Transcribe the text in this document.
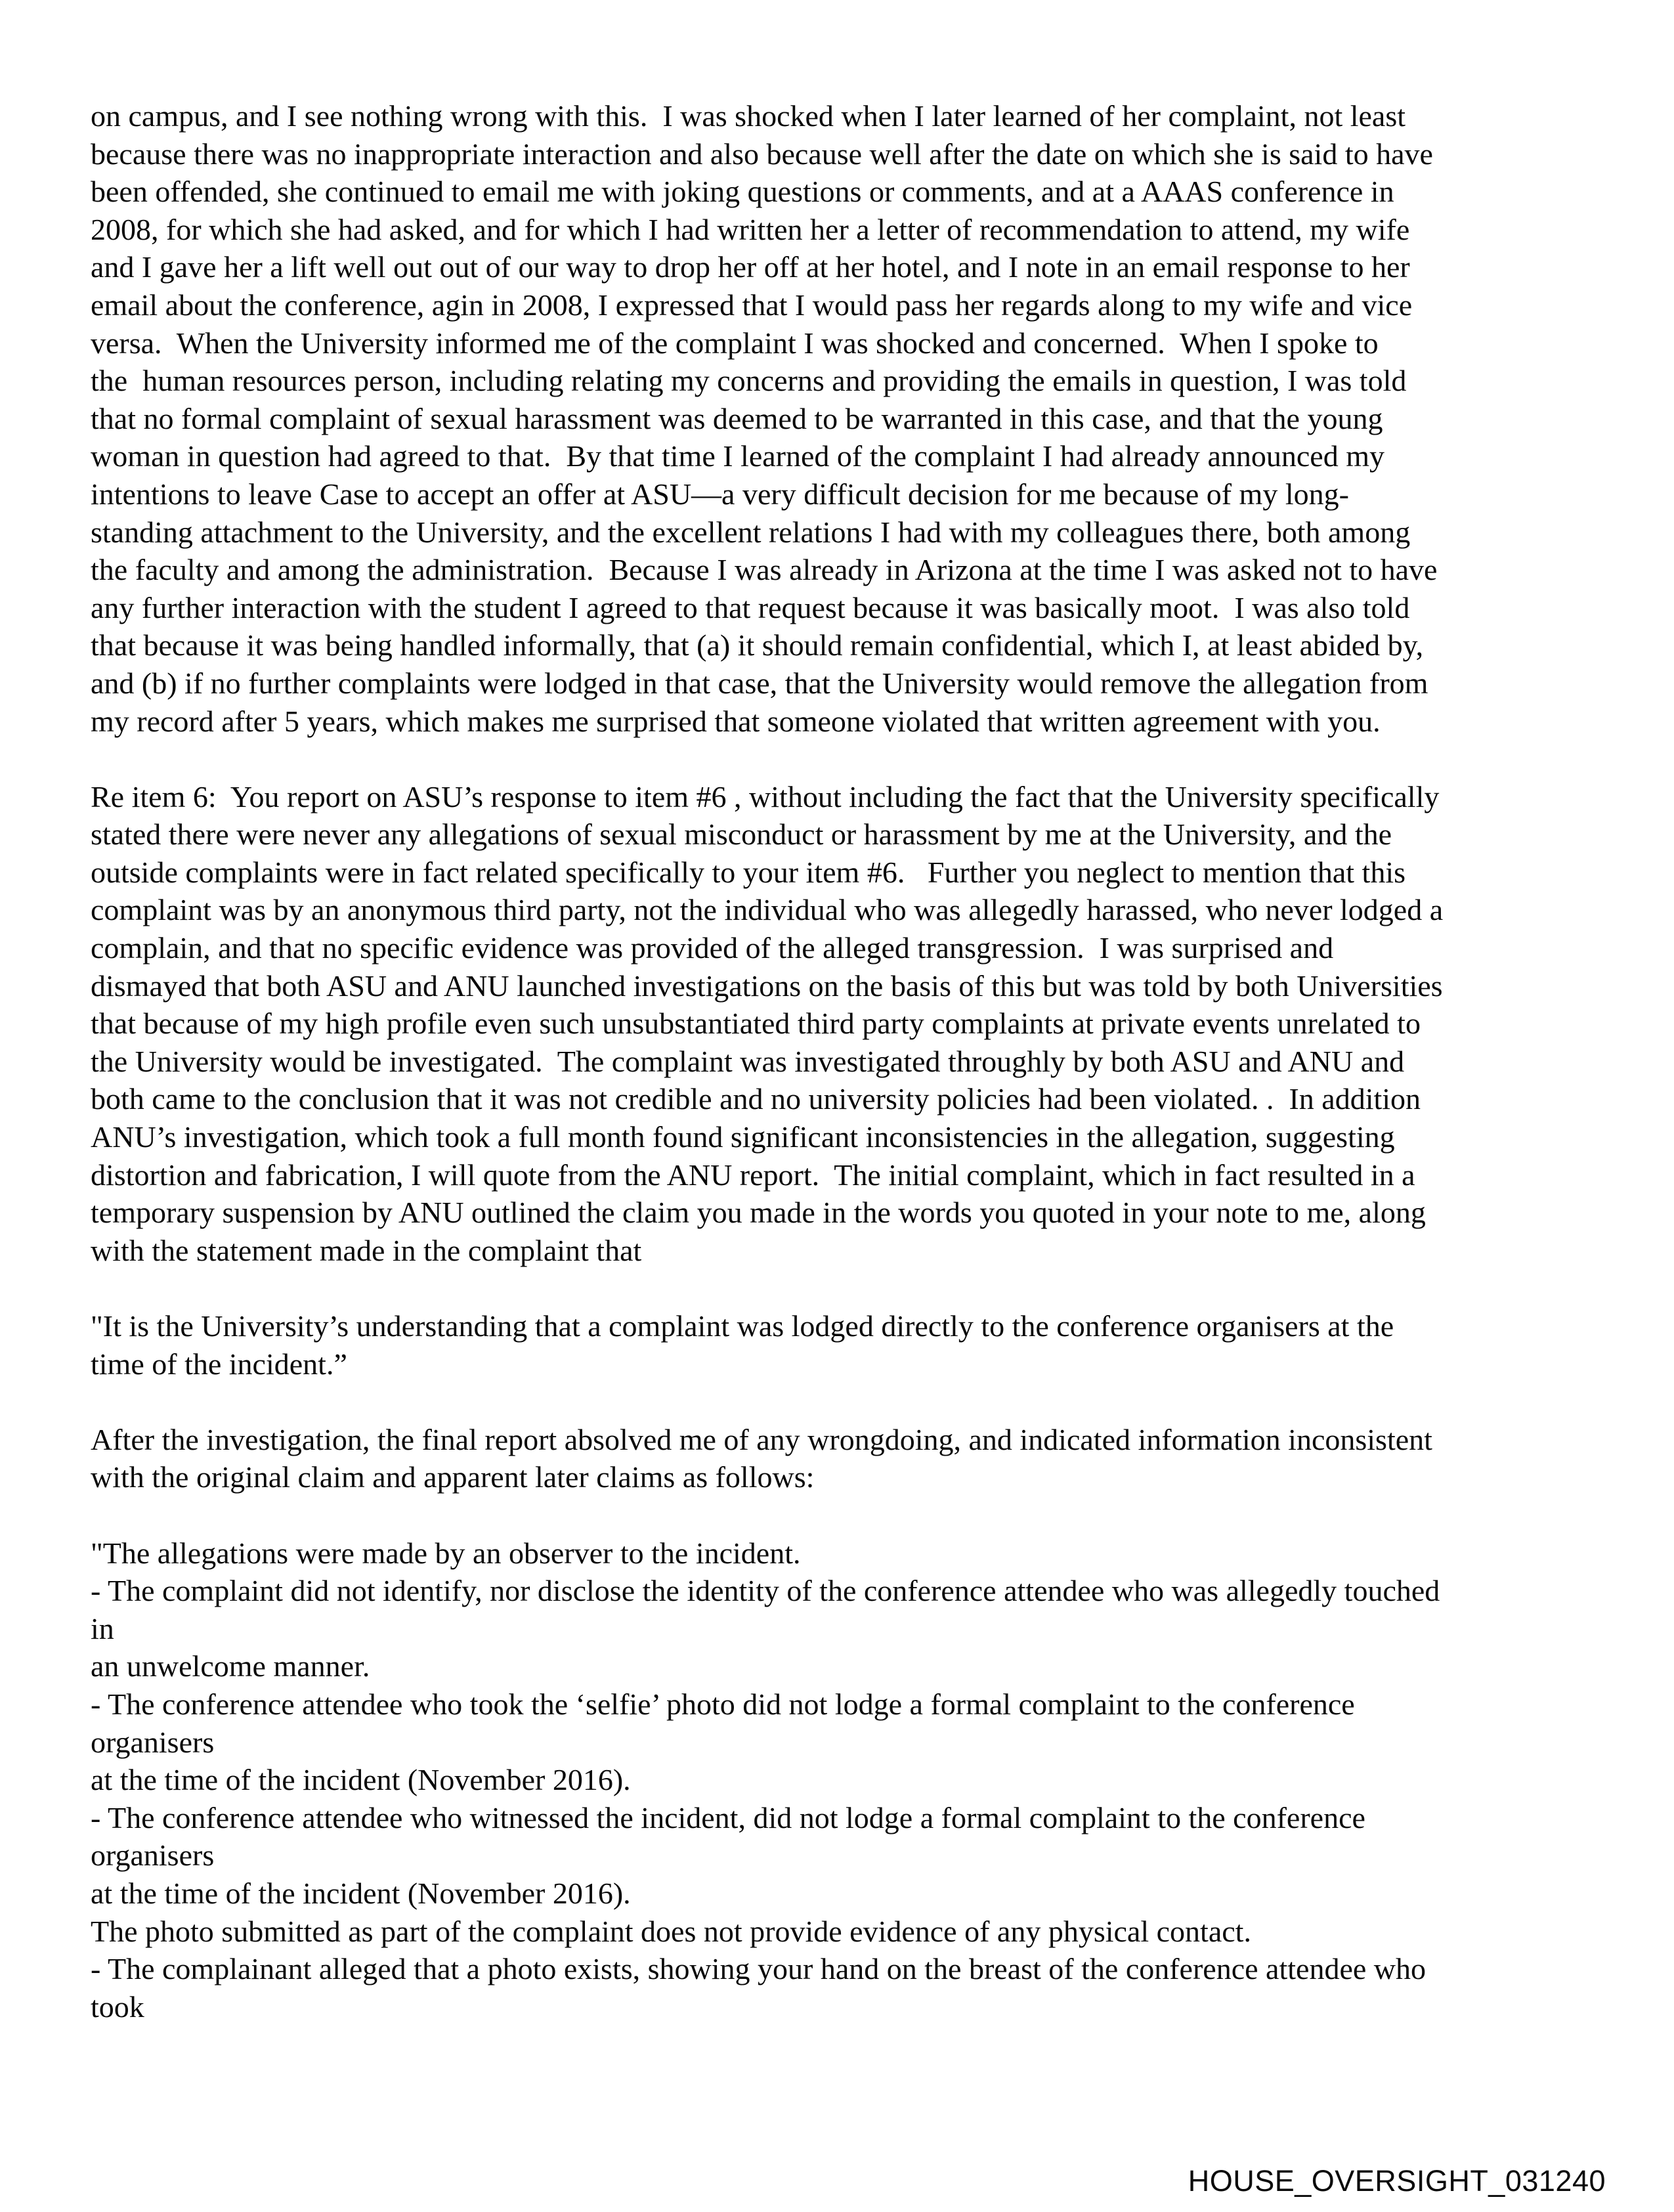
on campus, and I see nothing wrong with this.  I was shocked when I later learned of her complaint, not least
because there was no inappropriate interaction and also because well after the date on which she is said to have
been offended, she continued to email me with joking questions or comments, and at a AAAS conference in
2008, for which she had asked, and for which I had written her a letter of recommendation to attend, my wife
and I gave her a lift well out out of our way to drop her off at her hotel, and I note in an email response to her
email about the conference, agin in 2008, I expressed that I would pass her regards along to my wife and vice
versa.  When the University informed me of the complaint I was shocked and concerned.  When I spoke to
the  human resources person, including relating my concerns and providing the emails in question, I was told
that no formal complaint of sexual harassment was deemed to be warranted in this case, and that the young
woman in question had agreed to that.  By that time I learned of the complaint I had already announced my
intentions to leave Case to accept an offer at ASU—a very difficult decision for me because of my long-
standing attachment to the University, and the excellent relations I had with my colleagues there, both among
the faculty and among the administration.  Because I was already in Arizona at the time I was asked not to have
any further interaction with the student I agreed to that request because it was basically moot.  I was also told
that because it was being handled informally, that (a) it should remain confidential, which I, at least abided by,
and (b) if no further complaints were lodged in that case, that the University would remove the allegation from
my record after 5 years, which makes me surprised that someone violated that written agreement with you.
Re item 6:  You report on ASU’s response to item #6 , without including the fact that the University specifically
stated there were never any allegations of sexual misconduct or harassment by me at the University, and the
outside complaints were in fact related specifically to your item #6.   Further you neglect to mention that this
complaint was by an anonymous third party, not the individual who was allegedly harassed, who never lodged a
complain, and that no specific evidence was provided of the alleged transgression.  I was surprised and
dismayed that both ASU and ANU launched investigations on the basis of this but was told by both Universities
that because of my high profile even such unsubstantiated third party complaints at private events unrelated to
the University would be investigated.  The complaint was investigated throughly by both ASU and ANU and
both came to the conclusion that it was not credible and no university policies had been violated. .  In addition
ANU’s investigation, which took a full month found significant inconsistencies in the allegation, suggesting
distortion and fabrication, I will quote from the ANU report.  The initial complaint, which in fact resulted in a
temporary suspension by ANU outlined the claim you made in the words you quoted in your note to me, along
with the statement made in the complaint that
"It is the University’s understanding that a complaint was lodged directly to the conference organisers at the
time of the incident.”
After the investigation, the final report absolved me of any wrongdoing, and indicated information inconsistent
with the original claim and apparent later claims as follows:
"The allegations were made by an observer to the incident.
- The complaint did not identify, nor disclose the identity of the conference attendee who was allegedly touched
in
an unwelcome manner.
- The conference attendee who took the ‘selfie’ photo did not lodge a formal complaint to the conference
organisers
at the time of the incident (November 2016).
- The conference attendee who witnessed the incident, did not lodge a formal complaint to the conference
organisers
at the time of the incident (November 2016).
The photo submitted as part of the complaint does not provide evidence of any physical contact.
- The complainant alleged that a photo exists, showing your hand on the breast of the conference attendee who
took
HOUSE_OVERSIGHT_031240
